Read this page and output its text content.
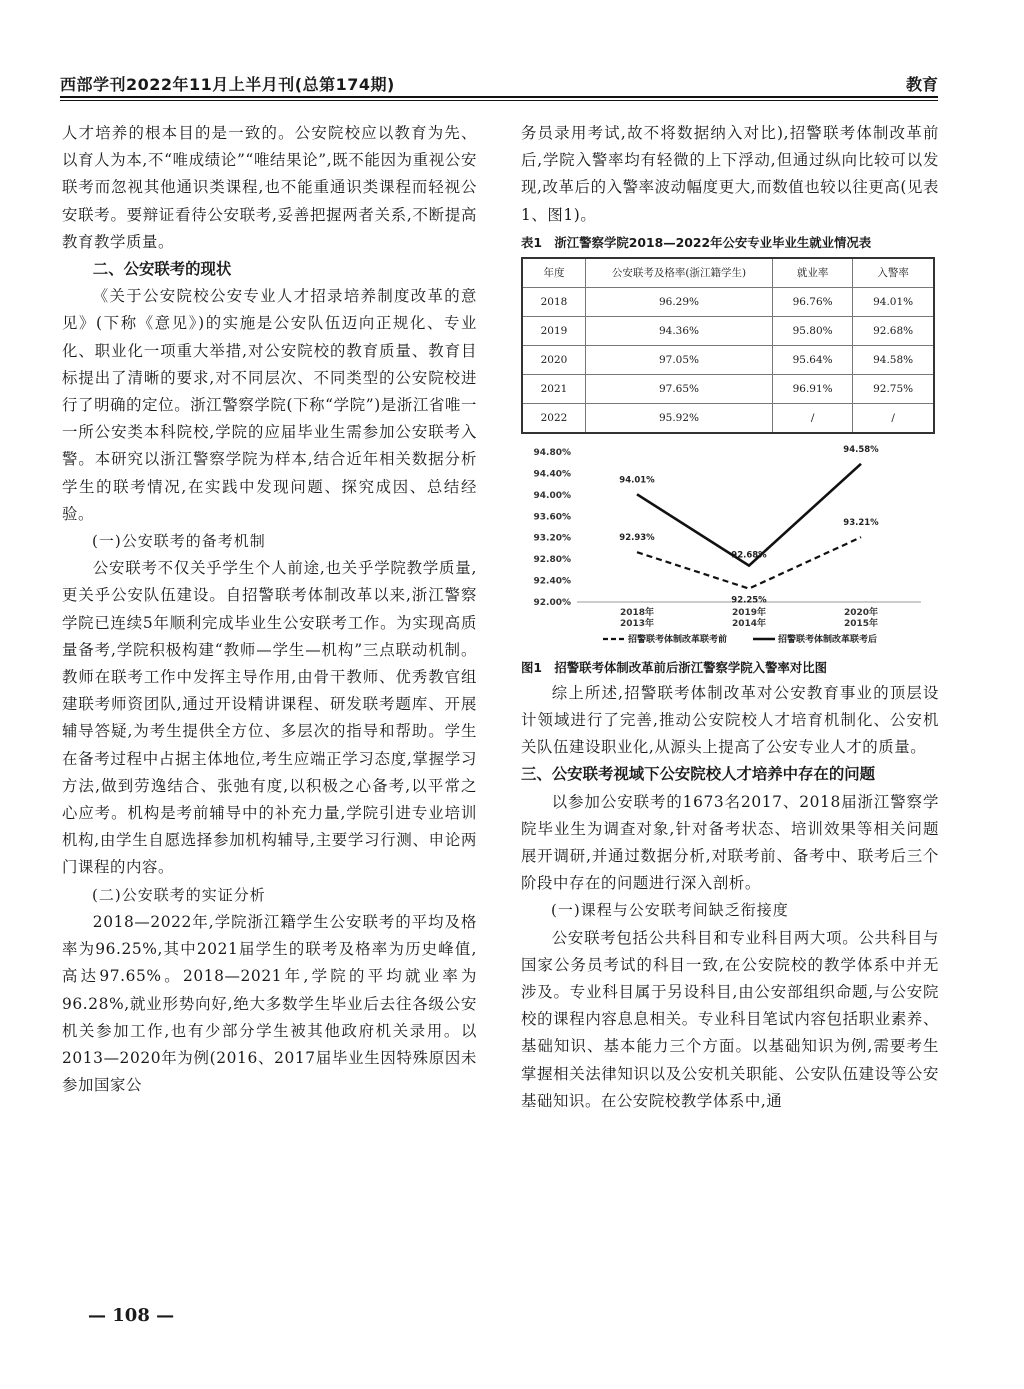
西部学刊2022年11月上半月刊(总第174期)	教育

人才培养的根本目的是一致的。公安院校应以教育为先、以育人为本,不“唯成绩论”“唯结果论”,既不能因为重视公安联考而忽视其他通识类课程,也不能重通识类课程而轻视公安联考。要辩证看待公安联考,妥善把握两者关系,不断提高教育教学质量。

二、公安联考的现状

《关于公安院校公安专业人才招录培养制度改革的意见》(下称《意见》)的实施是公安队伍迈向正规化、专业化、职业化一项重大举措,对公安院校的教育质量、教育目标提出了清晰的要求,对不同层次、不同类型的公安院校进行了明确的定位。浙江警察学院(下称“学院”)是浙江省唯一一所公安类本科院校,学院的应届毕业生需参加公安联考入警。本研究以浙江警察学院为样本,结合近年相关数据分析学生的联考情况,在实践中发现问题、探究成因、总结经验。

(一)公安联考的备考机制

公安联考不仅关乎学生个人前途,也关乎学院教学质量,更关乎公安队伍建设。自招警联考体制改革以来,浙江警察学院已连续5年顺利完成毕业生公安联考工作。为实现高质量备考,学院积极构建“教师—学生—机构”三点联动机制。教师在联考工作中发挥主导作用,由骨干教师、优秀教官组建联考师资团队,通过开设精讲课程、研发联考题库、开展辅导答疑,为考生提供全方位、多层次的指导和帮助。学生在备考过程中占据主体地位,考生应端正学习态度,掌握学习方法,做到劳逸结合、张弛有度,以积极之心备考,以平常之心应考。机构是考前辅导中的补充力量,学院引进专业培训机构,由学生自愿选择参加机构辅导,主要学习行测、申论两门课程的内容。

(二)公安联考的实证分析

2018—2022年,学院浙江籍学生公安联考的平均及格率为96.25%,其中2021届学生的联考及格率为历史峰值,高达97.65%。2018—2021年,学院的平均就业率为96.28%,就业形势向好,绝大多数学生毕业后去往各级公安机关参加工作,也有少部分学生被其他政府机关录用。以2013—2020年为例(2016、2017届毕业生因特殊原因未参加国家公

务员录用考试,故不将数据纳入对比),招警联考体制改革前后,学院入警率均有轻微的上下浮动,但通过纵向比较可以发现,改革后的入警率波动幅度更大,而数值也较以往更高(见表1、图1)。

表1　浙江警察学院2018—2022年公安专业毕业生就业情况表
年度	公安联考及格率(浙江籍学生)	就业率	入警率
2018	96.29%	96.76%	94.01%
2019	94.36%	95.80%	92.68%
2020	97.05%	95.64%	94.58%
2021	97.65%	96.91%	92.75%
2022	95.92%	/	/
94.80%
94.40%
94.00%
93.60%
93.20%
92.80%
92.40%
92.00%
2018年
2013年
2019年
2014年
2020年
2015年
92.93%
92.25%
93.21%
94.01%
92.68%
94.58%
招警联考体制改革联考前	招警联考体制改革联考后
图1　招警联考体制改革前后浙江警察学院入警率对比图

综上所述,招警联考体制改革对公安教育事业的顶层设计领域进行了完善,推动公安院校人才培育机制化、公安机关队伍建设职业化,从源头上提高了公安专业人才的质量。

三、公安联考视域下公安院校人才培养中存在的问题

以参加公安联考的1673名2017、2018届浙江警察学院毕业生为调查对象,针对备考状态、培训效果等相关问题展开调研,并通过数据分析,对联考前、备考中、联考后三个阶段中存在的问题进行深入剖析。

(一)课程与公安联考间缺乏衔接度

公安联考包括公共科目和专业科目两大项。公共科目与国家公务员考试的科目一致,在公安院校的教学体系中并无涉及。专业科目属于另设科目,由公安部组织命题,与公安院校的课程内容息息相关。专业科目笔试内容包括职业素养、基础知识、基本能力三个方面。以基础知识为例,需要考生掌握相关法律知识以及公安机关职能、公安队伍建设等公安基础知识。在公安院校教学体系中,通

— 108 —
